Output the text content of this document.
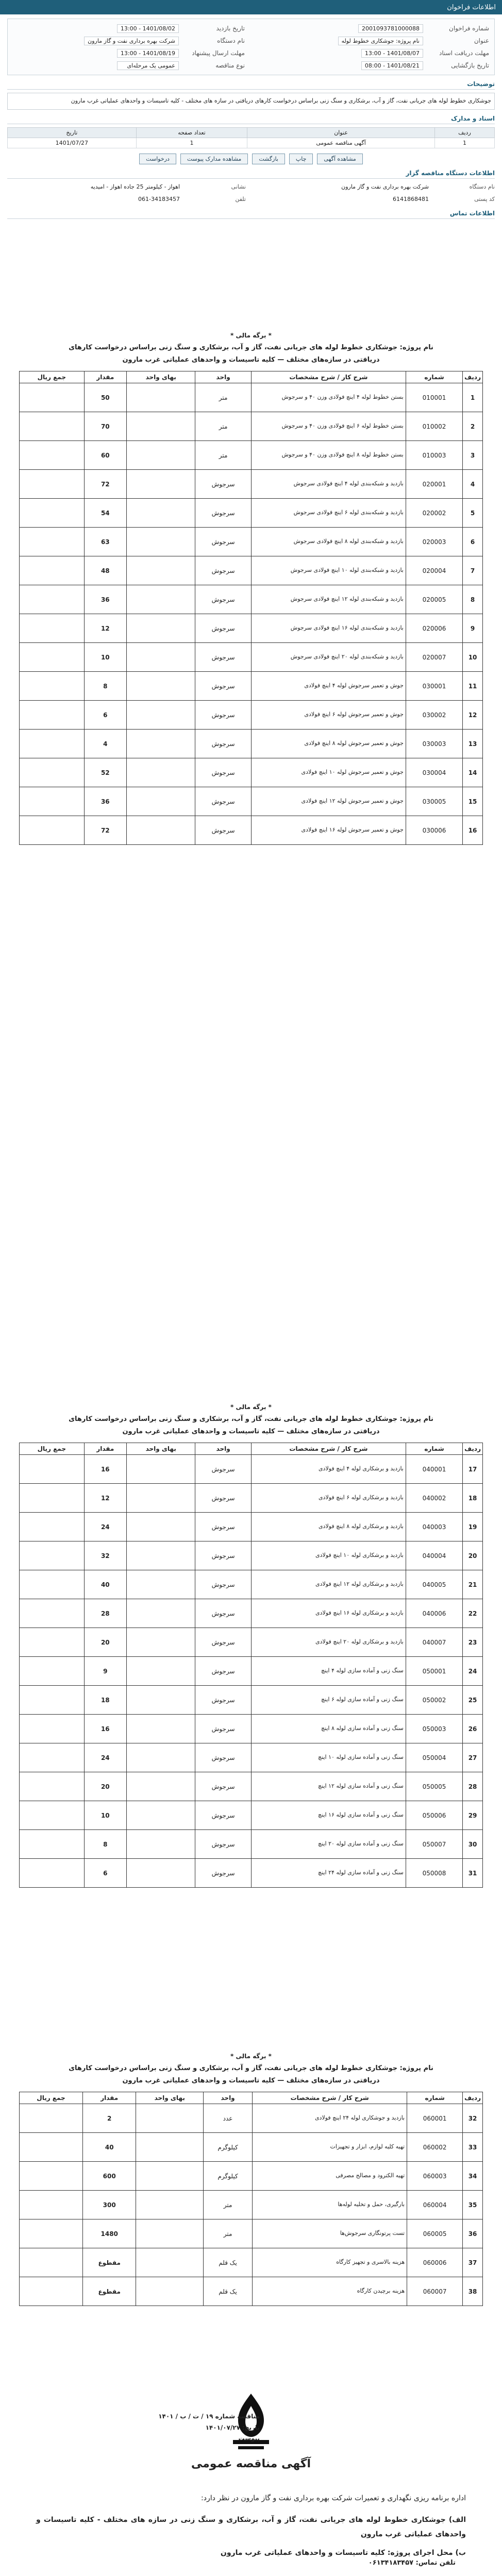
اطلاعات فراخوان
شماره فراخوان
2001093781000088
تاریخ بازدید
1401/08/02 - 13:00
عنوان
نام پروژه: جوشکاری خطوط لوله
نام دستگاه
شرکت بهره برداری نفت و گاز مارون
مهلت دریافت اسناد
1401/08/07 - 13:00
مهلت ارسال پیشنهاد
1401/08/19 - 13:00
تاریخ بازگشایی
1401/08/21 - 08:00
نوع مناقصه
عمومی یک مرحله‌ای
توضیحات
جوشکاری خطوط لوله های جریانی نفت، گاز و آب، برشکاری و سنگ زنی براساس درخواست کارهای دریافتی در سازه های مختلف - کلیه تاسیسات و واحدهای عملیاتی غرب مارون
اسناد و مدارک
ردیف	عنوان	تعداد صفحه	تاریخ
1	آگهی مناقصه عمومی	1	1401/07/27
مشاهده آگهی
چاپ
بازگشت
مشاهده مدارک پیوست
درخواست
اطلاعات دستگاه مناقصه گزار
نام دستگاه
شرکت بهره برداری نفت و گاز مارون
نشانی
اهواز - کیلومتر 25 جاده اهواز - امیدیه
کد پستی
6141868481
تلفن
061-34183457
اطلاعات تماس
* برگه مالی *
نام پروژه: جوشکاری خطوط لوله های جریانی نفت، گاز و آب، برشکاری و سنگ زنی براساس درخواست کارهای
دریافتی در سازه‌های مختلف — کلیه تاسیسات و واحدهای عملیاتی غرب مارون
ردیف	شماره	شرح کار / شرح مشخصات	واحد	بهای واحد	مقدار	جمع ریال
1	010001	بستن خطوط لوله ۴ اینچ فولادی وزن ۴۰ و سرجوش	متر		50	
2	010002	بستن خطوط لوله ۶ اینچ فولادی وزن ۴۰ و سرجوش	متر		70	
3	010003	بستن خطوط لوله ۸ اینچ فولادی وزن ۴۰ و سرجوش	متر		60	
4	020001	بازدید و شبکه‌بندی لوله ۴ اینچ فولادی سرجوش	سرجوش		72	
5	020002	بازدید و شبکه‌بندی لوله ۶ اینچ فولادی سرجوش	سرجوش		54	
6	020003	بازدید و شبکه‌بندی لوله ۸ اینچ فولادی سرجوش	سرجوش		63	
7	020004	بازدید و شبکه‌بندی لوله ۱۰ اینچ فولادی سرجوش	سرجوش		48	
8	020005	بازدید و شبکه‌بندی لوله ۱۲ اینچ فولادی سرجوش	سرجوش		36	
9	020006	بازدید و شبکه‌بندی لوله ۱۶ اینچ فولادی سرجوش	سرجوش		12	
10	020007	بازدید و شبکه‌بندی لوله ۲۰ اینچ فولادی سرجوش	سرجوش		10	
11	030001	جوش و تعمیر سرجوش لوله ۴ اینچ فولادی	سرجوش		8	
12	030002	جوش و تعمیر سرجوش لوله ۶ اینچ فولادی	سرجوش		6	
13	030003	جوش و تعمیر سرجوش لوله ۸ اینچ فولادی	سرجوش		4	
14	030004	جوش و تعمیر سرجوش لوله ۱۰ اینچ فولادی	سرجوش		52	
15	030005	جوش و تعمیر سرجوش لوله ۱۲ اینچ فولادی	سرجوش		36	
16	030006	جوش و تعمیر سرجوش لوله ۱۶ اینچ فولادی	سرجوش		72	
* برگه مالی *
نام پروژه: جوشکاری خطوط لوله های جریانی نفت، گاز و آب، برشکاری و سنگ زنی براساس درخواست کارهای
دریافتی در سازه‌های مختلف — کلیه تاسیسات و واحدهای عملیاتی غرب مارون
ردیف	شماره	شرح کار / شرح مشخصات	واحد	بهای واحد	مقدار	جمع ریال
17	040001	بازدید و برشکاری لوله ۴ اینچ فولادی	سرجوش		16	
18	040002	بازدید و برشکاری لوله ۶ اینچ فولادی	سرجوش		12	
19	040003	بازدید و برشکاری لوله ۸ اینچ فولادی	سرجوش		24	
20	040004	بازدید و برشکاری لوله ۱۰ اینچ فولادی	سرجوش		32	
21	040005	بازدید و برشکاری لوله ۱۲ اینچ فولادی	سرجوش		40	
22	040006	بازدید و برشکاری لوله ۱۶ اینچ فولادی	سرجوش		28	
23	040007	بازدید و برشکاری لوله ۲۰ اینچ فولادی	سرجوش		20	
24	050001	سنگ زنی و آماده سازی لوله ۴ اینچ	سرجوش		9	
25	050002	سنگ زنی و آماده سازی لوله ۶ اینچ	سرجوش		18	
26	050003	سنگ زنی و آماده سازی لوله ۸ اینچ	سرجوش		16	
27	050004	سنگ زنی و آماده سازی لوله ۱۰ اینچ	سرجوش		24	
28	050005	سنگ زنی و آماده سازی لوله ۱۲ اینچ	سرجوش		20	
29	050006	سنگ زنی و آماده سازی لوله ۱۶ اینچ	سرجوش		10	
30	050007	سنگ زنی و آماده سازی لوله ۲۰ اینچ	سرجوش		8	
31	050008	سنگ زنی و آماده سازی لوله ۲۴ اینچ	سرجوش		6	
* برگه مالی *
نام پروژه: جوشکاری خطوط لوله های جریانی نفت، گاز و آب، برشکاری و سنگ زنی براساس درخواست کارهای
دریافتی در سازه‌های مختلف — کلیه تاسیسات و واحدهای عملیاتی غرب مارون
ردیف	شماره	شرح کار / شرح مشخصات	واحد	بهای واحد	مقدار	جمع ریال
32	060001	بازدید و جوشکاری لوله ۲۴ اینچ فولادی	عدد		2	
33	060002	تهیه کلیه لوازم، ابزار و تجهیزات	کیلوگرم		40	
34	060003	تهیه الکترود و مصالح مصرفی	کیلوگرم		600	
35	060004	بارگیری، حمل و تخلیه لوله‌ها	متر		300	
36	060005	تست پرتونگاری سرجوش‌ها	متر		1480	
37	060006	هزینه بالاسری و تجهیز کارگاه	یک قلم		مقطوع	
38	060007	هزینه برچیدن کارگاه	یک قلم		مقطوع	
مناقصه شماره ۱۹ / ت / ب / ۱۴۰۱
تاریخ: ۱۴۰۱/۰۷/۲۷
پیوست
آگهی مناقصه عمومی
اداره برنامه ریزی نگهداری و تعمیرات شرکت بهره برداری نفت و گاز مارون در نظر دارد:
الف) جوشکاری خطوط لوله های جریانی نفت، گاز و آب، برشکاری و سنگ زنی در سازه های مختلف - کلیه تاسیسات و واحدهای عملیاتی غرب مارون
ب) محل اجرای پروژه: کلیه تاسیسات و واحدهای عملیاتی غرب مارون
تلفن تماس: ۰۶۱۳۴۱۸۳۴۵۷
